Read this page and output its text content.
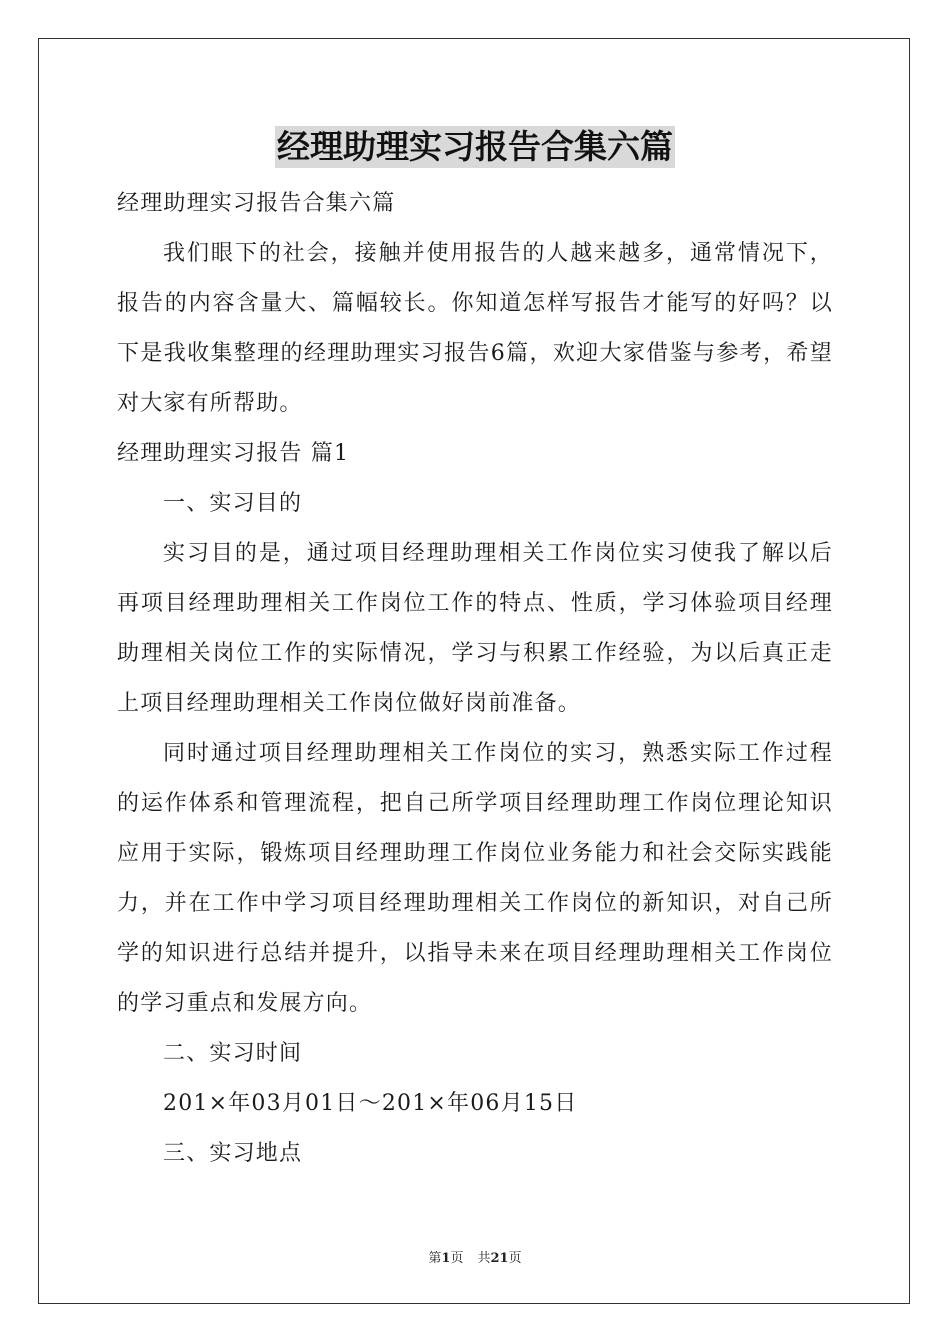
经理助理实习报告合集六篇
经理助理实习报告合集六篇

我们眼下的社会，接触并使用报告的人越来越多，通常情况下，报告的内容含量大、篇幅较长。你知道怎样写报告才能写的好吗？以下是我收集整理的经理助理实习报告6篇，欢迎大家借鉴与参考，希望对大家有所帮助。

经理助理实习报告 篇1
一、实习目的

实习目的是，通过项目经理助理相关工作岗位实习使我了解以后再项目经理助理相关工作岗位工作的特点、性质，学习体验项目经理助理相关岗位工作的实际情况，学习与积累工作经验，为以后真正走上项目经理助理相关工作岗位做好岗前准备。

同时通过项目经理助理相关工作岗位的实习，熟悉实际工作过程的运作体系和管理流程，把自己所学项目经理助理工作岗位理论知识应用于实际，锻炼项目经理助理工作岗位业务能力和社会交际实践能力，并在工作中学习项目经理助理相关工作岗位的新知识，对自己所学的知识进行总结并提升，以指导未来在项目经理助理相关工作岗位的学习重点和发展方向。

二、实习时间
201×年03月01日～201×年06月15日
三、实习地点
第1页 共21页
